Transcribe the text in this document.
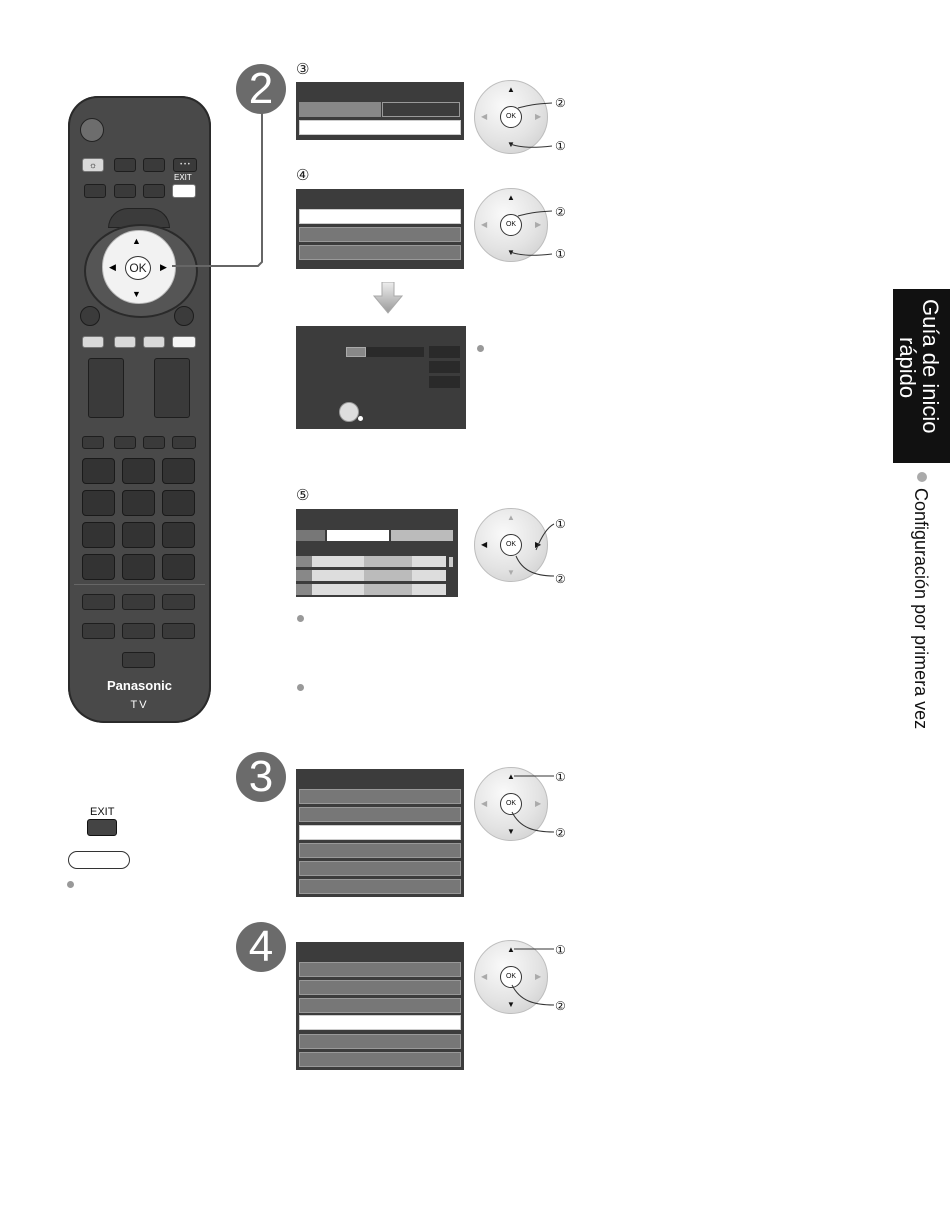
☼	• • •
EXIT
OK
▲
▼
◀	▶
Panasonic
TV
2	③
④
⑤
3
4
OK
▲
▼
◀	▶
②
①
OK
▲
▼
◀	▶
②
①
OK
▲
▼
◀	▶
①
②
OK
▲
▼
◀	▶
①
②
OK
▲
▼
◀	▶
①
②
EXIT
Guía de inicio
rápido
Configuración por primera vez
